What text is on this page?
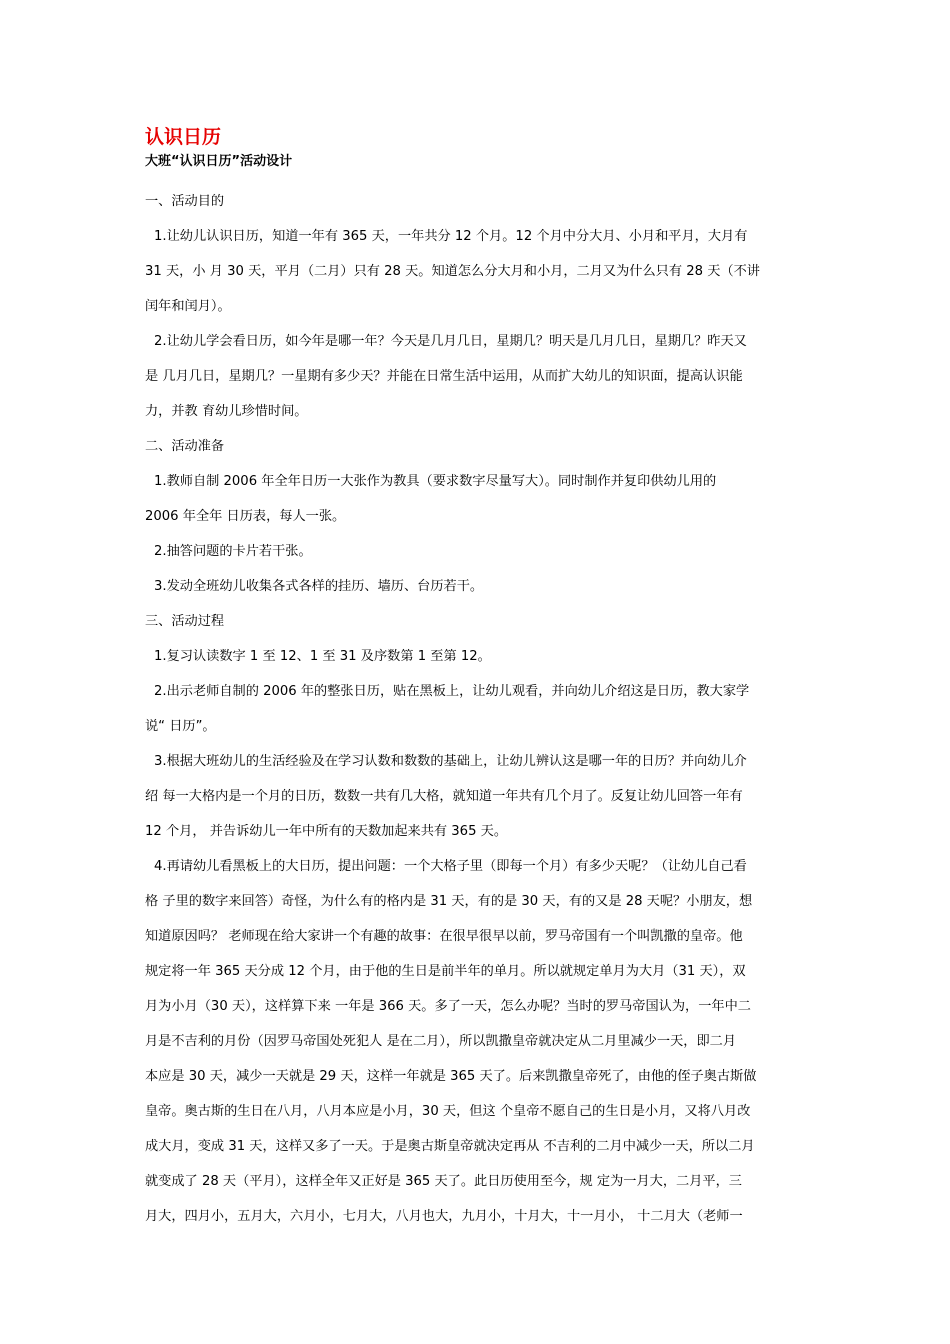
认识日历

大班“认识日历”活动设计

一、活动目的

1.让幼儿认识日历，知道一年有 365 天，一年共分 12 个月。12 个月中分大月、小月和平月，大月有

31 天，小 月 30 天，平月（二月）只有 28 天。知道怎么分大月和小月，二月又为什么只有 28 天（不讲

闰年和闰月）。

2.让幼儿学会看日历，如今年是哪一年？今天是几月几日，星期几？明天是几月几日，星期几？昨天又

是 几月几日，星期几？一星期有多少天？并能在日常生活中运用，从而扩大幼儿的知识面，提高认识能

力，并教 育幼儿珍惜时间。

二、活动准备

1.教师自制 2006 年全年日历一大张作为教具（要求数字尽量写大）。同时制作并复印供幼儿用的

2006 年全年 日历表，每人一张。

2.抽答问题的卡片若干张。

3.发动全班幼儿收集各式各样的挂历、墙历、台历若干。

三、活动过程

1.复习认读数字 1 至 12、1 至 31 及序数第 1 至第 12。

2.出示老师自制的 2006 年的整张日历，贴在黑板上，让幼儿观看，并向幼儿介绍这是日历，教大家学

说“ 日历”。

3.根据大班幼儿的生活经验及在学习认数和数数的基础上，让幼儿辨认这是哪一年的日历？并向幼儿介

绍 每一大格内是一个月的日历，数数一共有几大格，就知道一年共有几个月了。反复让幼儿回答一年有

12 个月， 并告诉幼儿一年中所有的天数加起来共有 365 天。

4.再请幼儿看黑板上的大日历，提出问题：一个大格子里（即每一个月）有多少天呢？（让幼儿自己看

格 子里的数字来回答）奇怪，为什么有的格内是 31 天，有的是 30 天，有的又是 28 天呢？小朋友，想

知道原因吗？ 老师现在给大家讲一个有趣的故事：在很早很早以前，罗马帝国有一个叫凯撒的皇帝。他

规定将一年 365 天分成 12 个月，由于他的生日是前半年的单月。所以就规定单月为大月（31 天），双

月为小月（30 天），这样算下来 一年是 366 天。多了一天，怎么办呢？当时的罗马帝国认为，一年中二

月是不吉利的月份（因罗马帝国处死犯人 是在二月），所以凯撒皇帝就决定从二月里减少一天，即二月

本应是 30 天，减少一天就是 29 天，这样一年就是 365 天了。后来凯撒皇帝死了，由他的侄子奥古斯做

皇帝。奥古斯的生日在八月，八月本应是小月，30 天，但这 个皇帝不愿自己的生日是小月，又将八月改

成大月，变成 31 天，这样又多了一天。于是奥古斯皇帝就决定再从 不吉利的二月中减少一天，所以二月

就变成了 28 天（平月），这样全年又正好是 365 天了。此日历使用至今，规 定为一月大，二月平，三

月大，四月小，五月大，六月小，七月大，八月也大，九月小，十月大，十一月小， 十二月大（老师一
